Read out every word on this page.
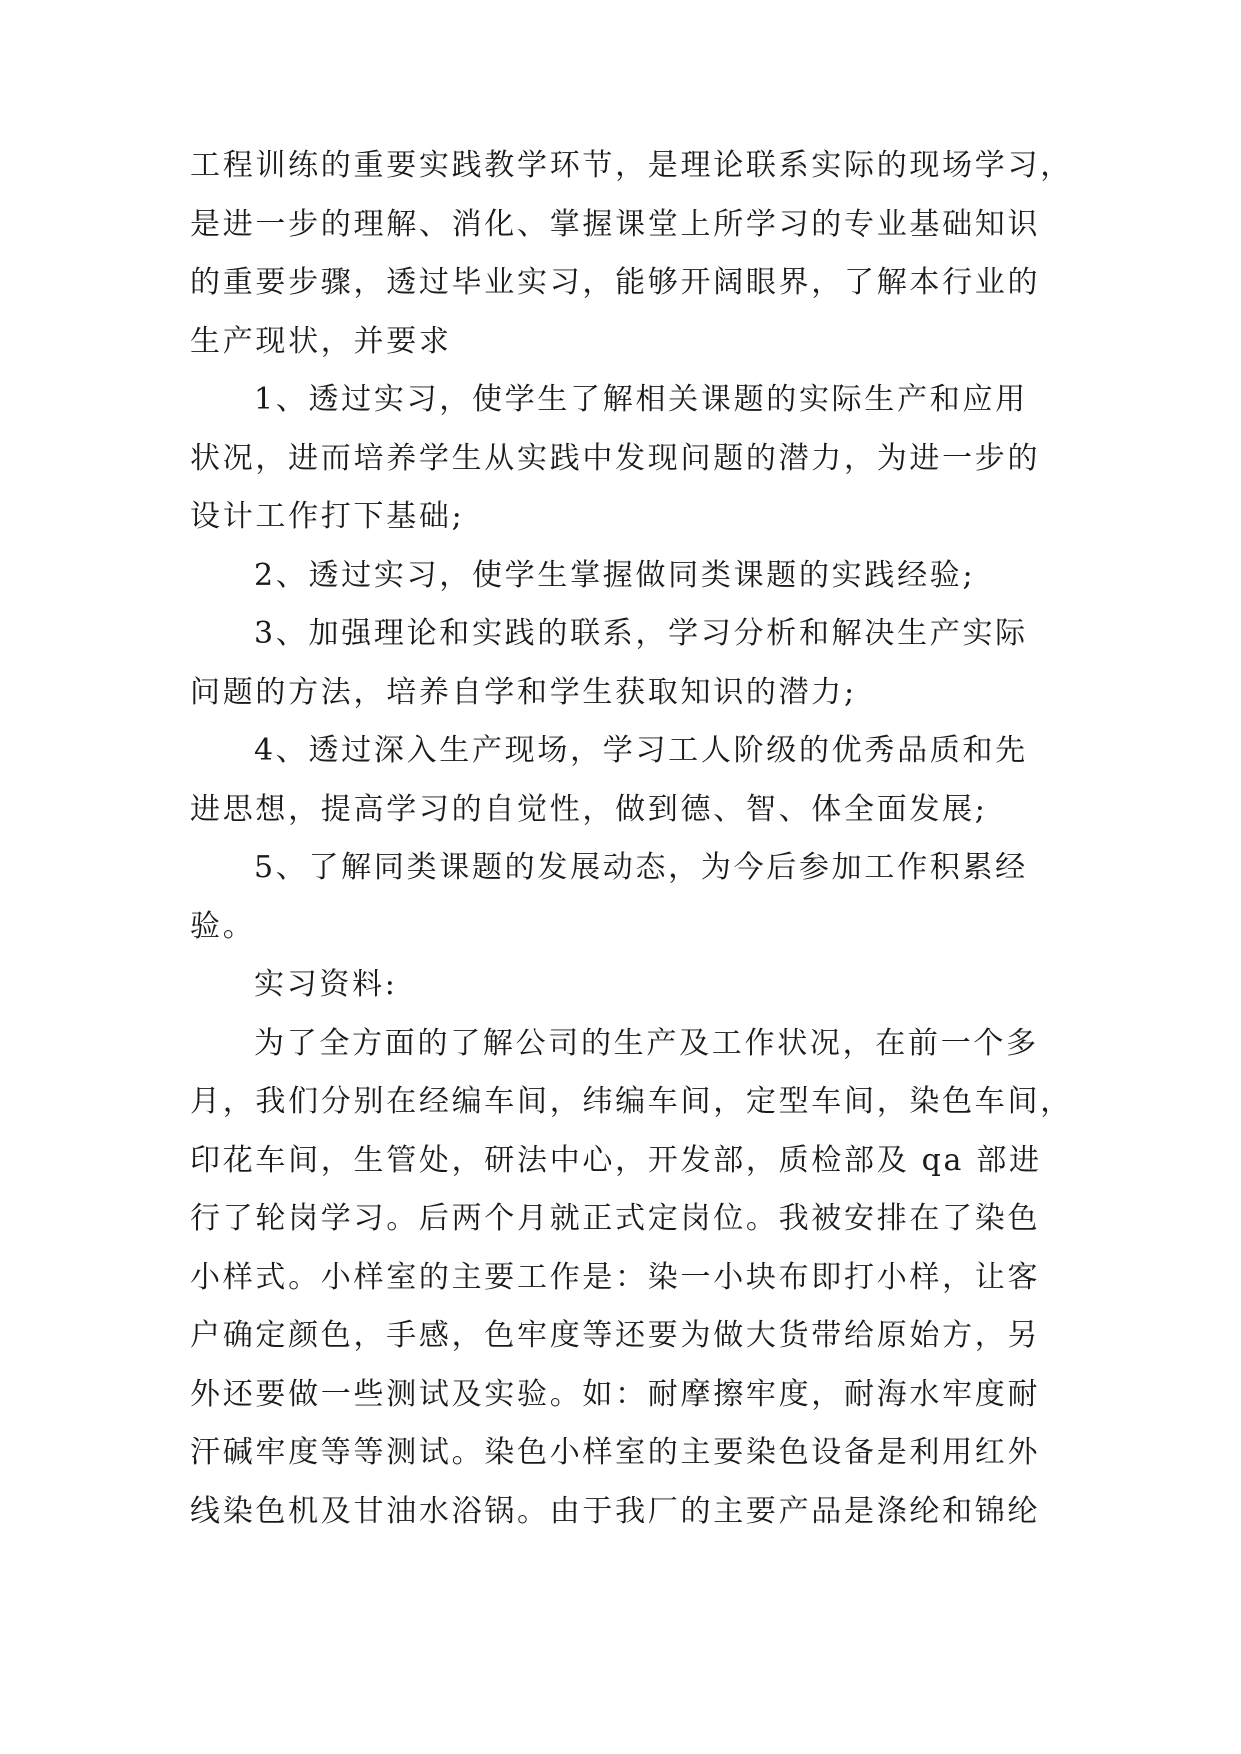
工程训练的重要实践教学环节，是理论联系实际的现场学习，
是进一步的理解、消化、掌握课堂上所学习的专业基础知识
的重要步骤，透过毕业实习，能够开阔眼界，了解本行业的
生产现状，并要求
1、透过实习，使学生了解相关课题的实际生产和应用
状况，进而培养学生从实践中发现问题的潜力，为进一步的
设计工作打下基础;
2、透过实习，使学生掌握做同类课题的实践经验;
3、加强理论和实践的联系，学习分析和解决生产实际
问题的方法，培养自学和学生获取知识的潜力;
4、透过深入生产现场，学习工人阶级的优秀品质和先
进思想，提高学习的自觉性，做到德、智、体全面发展;
5、了解同类课题的发展动态，为今后参加工作积累经
验。
实习资料:
为了全方面的了解公司的生产及工作状况，在前一个多
月，我们分别在经编车间，纬编车间，定型车间，染色车间，
印花车间，生管处，研法中心，开发部，质检部及 qa 部进
行了轮岗学习。后两个月就正式定岗位。我被安排在了染色
小样式。小样室的主要工作是：染一小块布即打小样，让客
户确定颜色，手感，色牢度等还要为做大货带给原始方，另
外还要做一些测试及实验。如：耐摩擦牢度，耐海水牢度耐
汗碱牢度等等测试。染色小样室的主要染色设备是利用红外
线染色机及甘油水浴锅。由于我厂的主要产品是涤纶和锦纶
